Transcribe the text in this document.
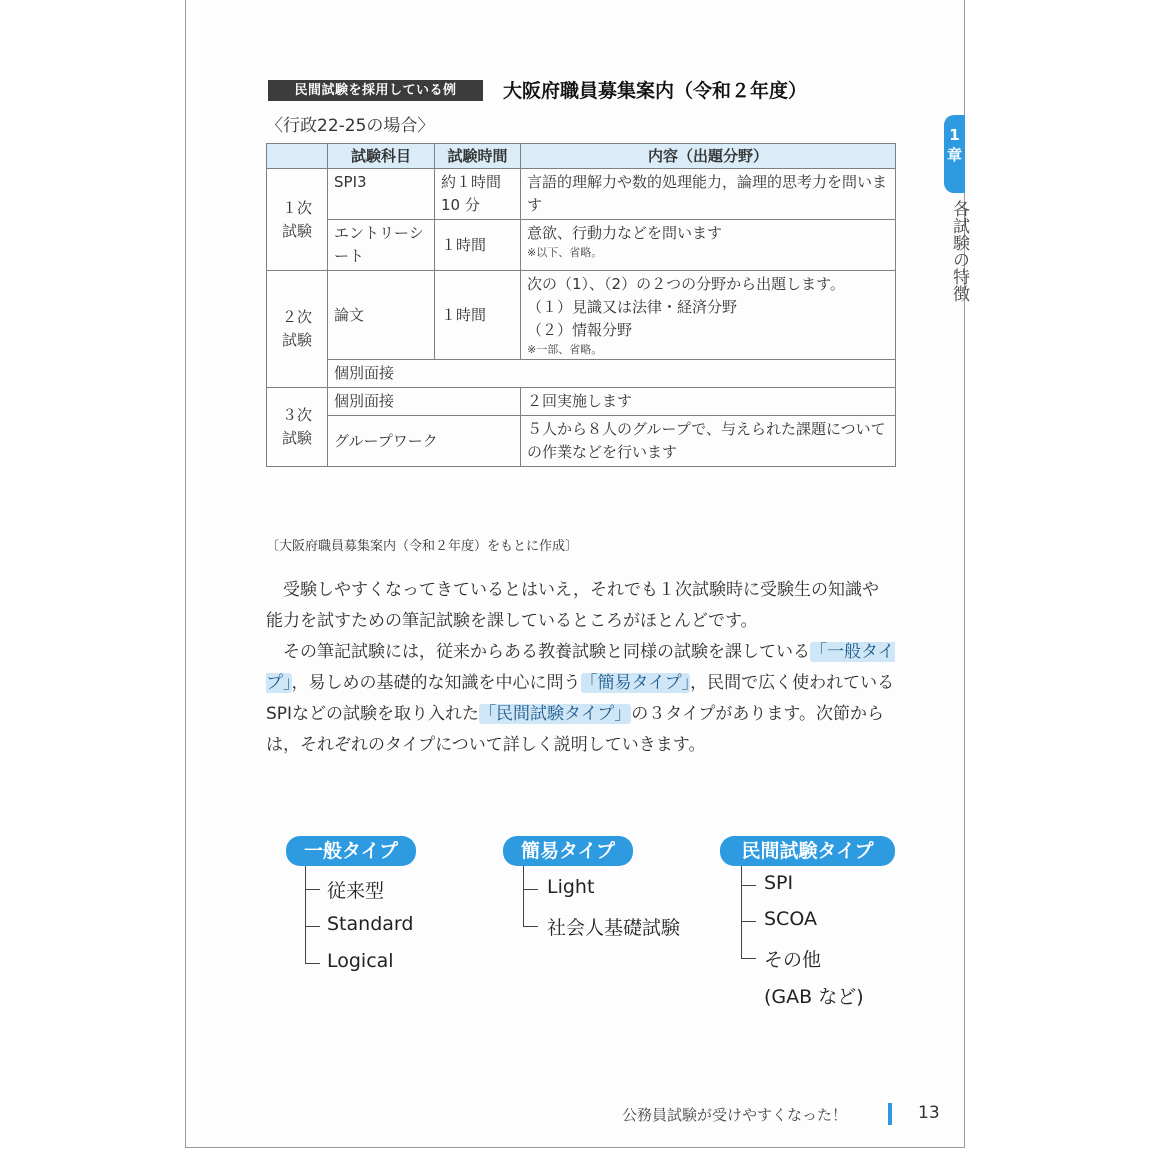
民間試験を採用している例	大阪府職員募集案内（令和２年度）
〈行政22-25の場合〉
	試験科目	試験時間	内容（出題分野）
１次試験	SPI3	約１時間10 分	言語的理解力や数的処理能力，論理的思考力を問います
	エントリーシート	１時間	意欲、行動力などを問います
※以下、省略。

２次試験	論文	１時間	次の（1）、（2）の２つの分野から出題します。
（１）見識又は法律・経済分野
（２）情報分野
※一部、省略。

	個別面接		
３次試験	個別面接		２回実施します
	グループワーク		５人から８人のグループで、与えられた課題についての作業などを行います
〔大阪府職員募集案内（令和２年度）をもとに作成〕

受験しやすくなってきているとはいえ，それでも１次試験時に受験生の知識や能力を試すための筆記試験を課しているところがほとんどです。

その筆記試験には，従来からある教養試験と同様の試験を課している「一般タイプ」，易しめの基礎的な知識を中心に問う「簡易タイプ」，民間で広く使われているSPIなどの試験を取り入れた「民間試験タイプ」の３タイプがあります。次節からは，それぞれのタイプについて詳しく説明していきます。

一般タイプ
従来型
Standard
Logical
簡易タイプ
Light
社会人基礎試験
民間試験タイプ
SPI
SCOA
その他
(GAB など)
1章
各試験の特徴
公務員試験が受けやすくなった！	13
